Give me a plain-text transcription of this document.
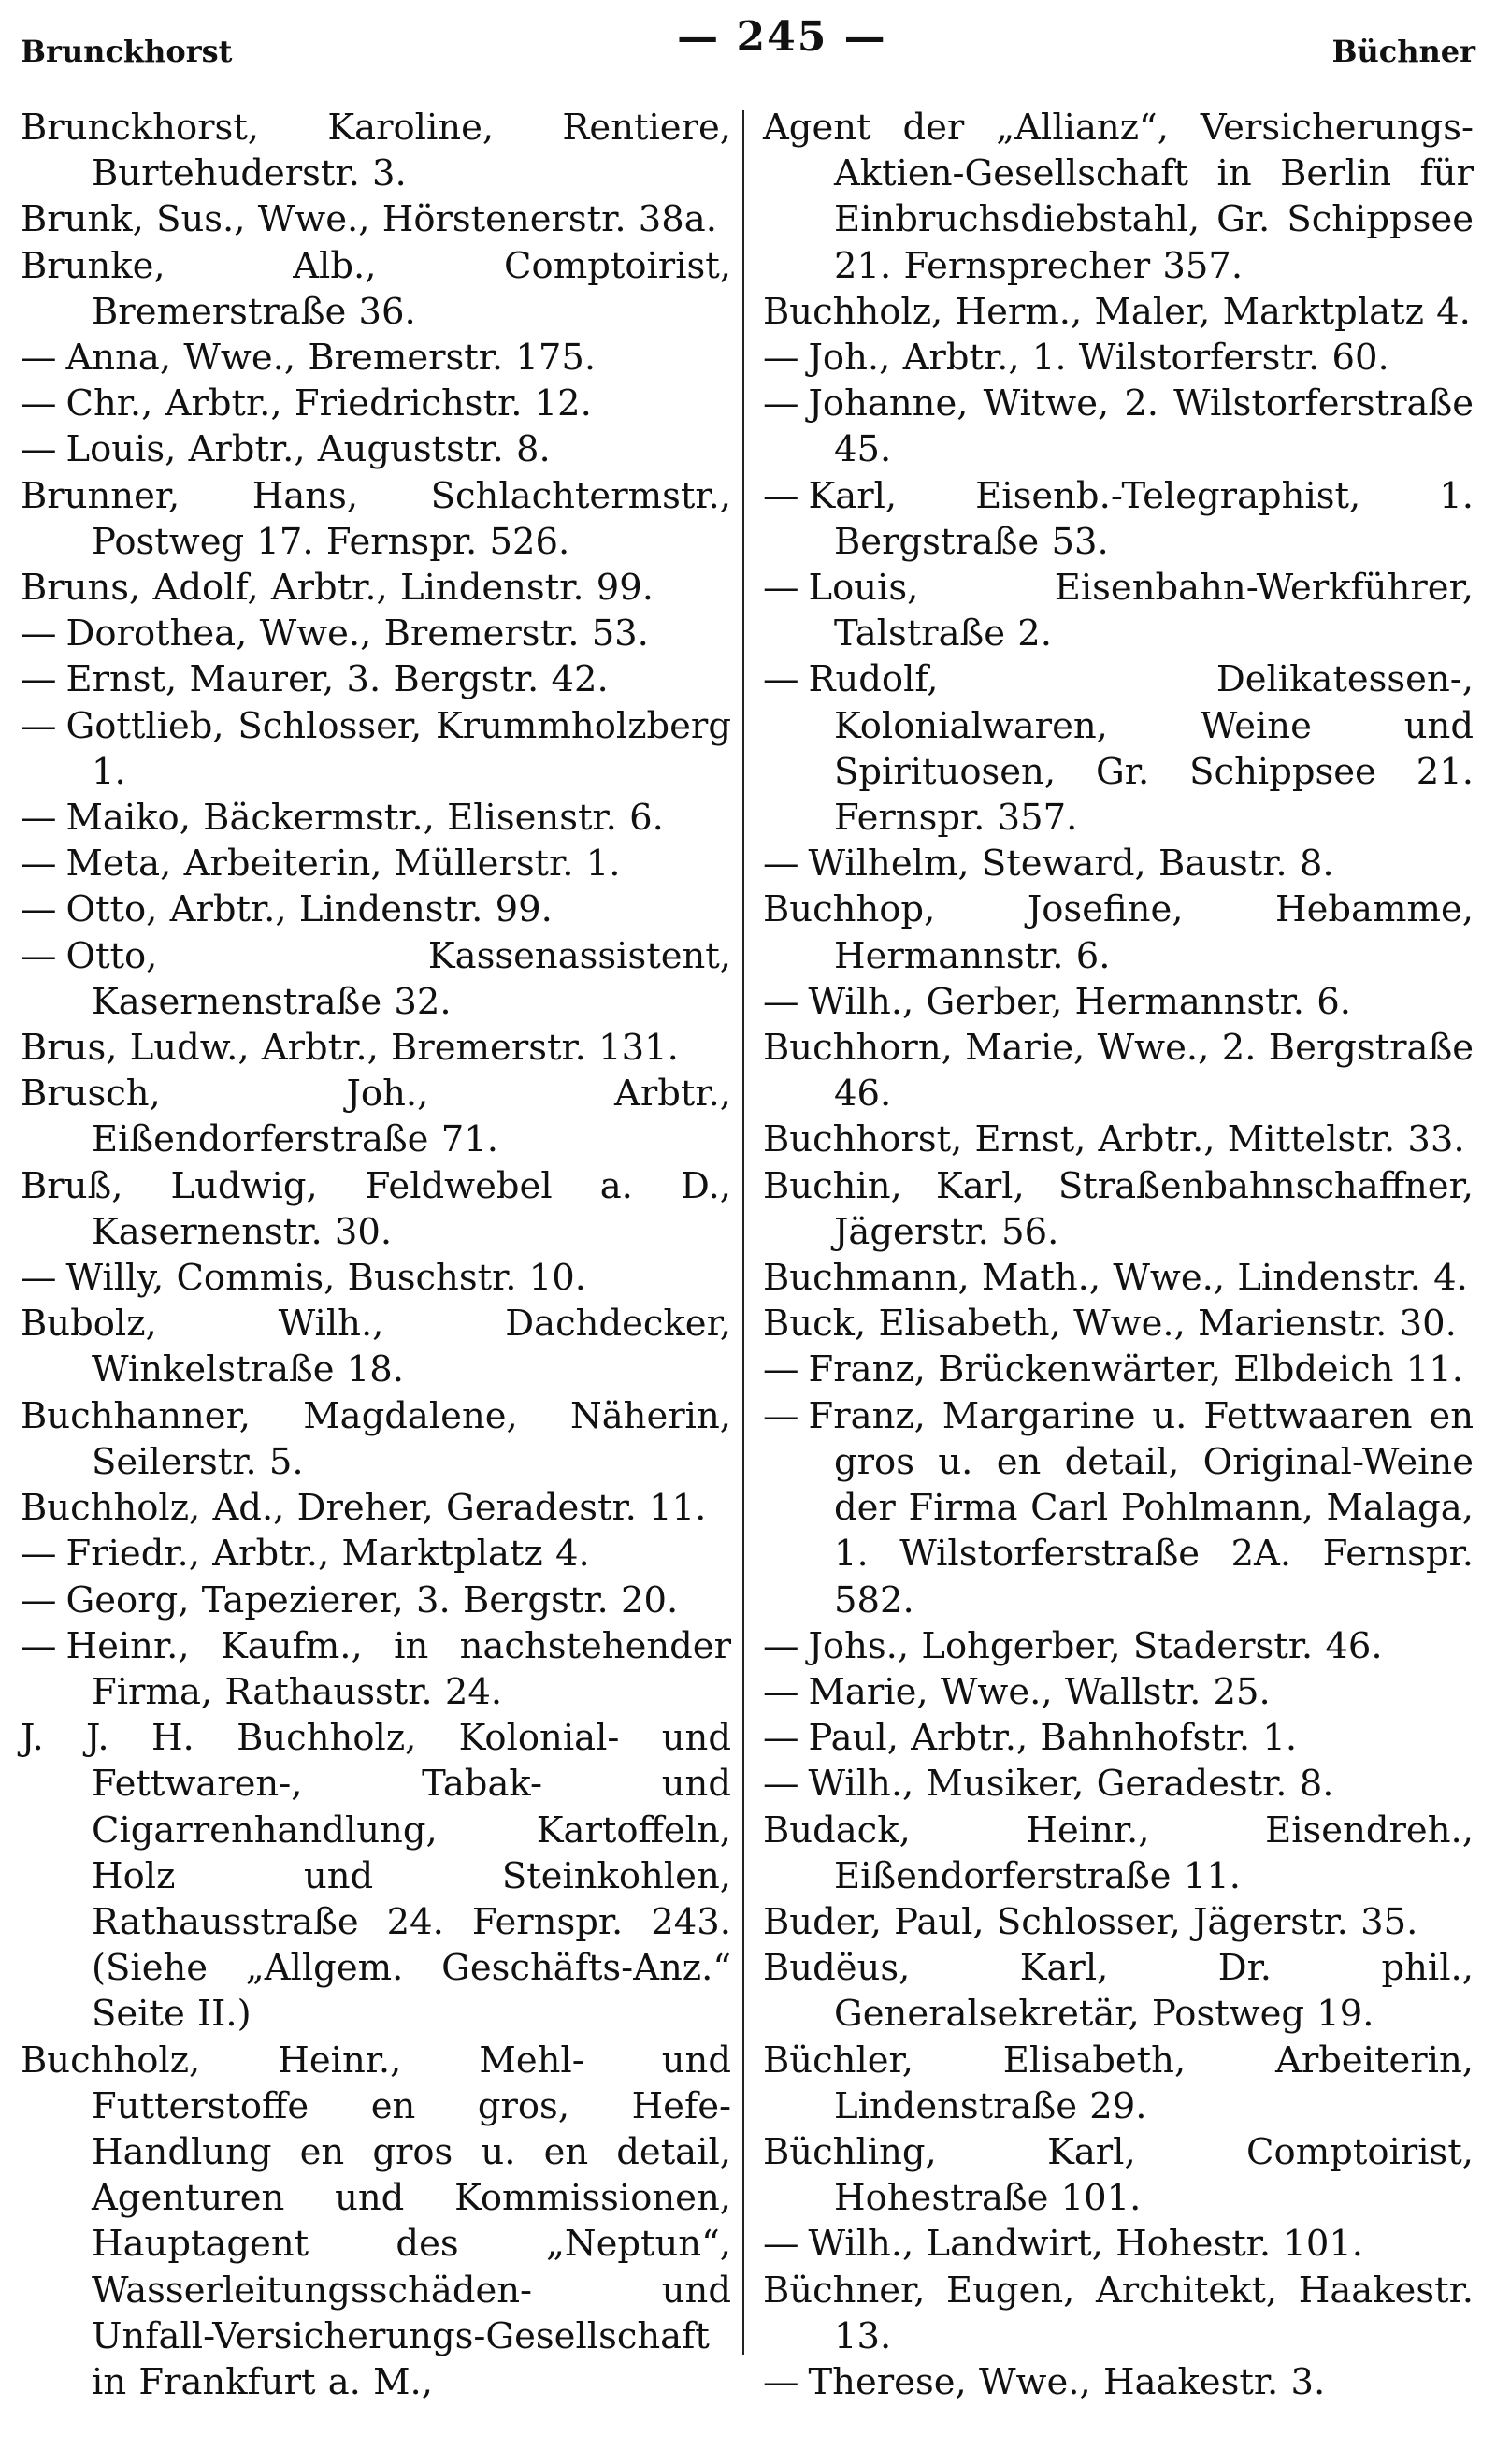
Brunckhorst	— 245 —	Büchner
Brunckhorst, Karoline, Rentiere, Burtehuderstr. 3.
Brunk, Sus., Wwe., Hörstenerstr. 38a.
Brunke, Alb., Comptoirist, Bremerstraße 36.
— Anna, Wwe., Bremerstr. 175.
— Chr., Arbtr., Friedrichstr. 12.
— Louis, Arbtr., Auguststr. 8.
Brunner, Hans, Schlachtermstr., Postweg 17. Fernspr. 526.
Bruns, Adolf, Arbtr., Lindenstr. 99.
— Dorothea, Wwe., Bremerstr. 53.
— Ernst, Maurer, 3. Bergstr. 42.
— Gottlieb, Schlosser, Krummholzberg 1.
— Maiko, Bäckermstr., Elisenstr. 6.
— Meta, Arbeiterin, Müllerstr. 1.
— Otto, Arbtr., Lindenstr. 99.
— Otto, Kassenassistent, Kasernenstraße 32.
Brus, Ludw., Arbtr., Bremerstr. 131.
Brusch, Joh., Arbtr., Eißendorferstraße 71.
Bruß, Ludwig, Feldwebel a. D., Kasernenstr. 30.
— Willy, Commis, Buschstr. 10.
Bubolz, Wilh., Dachdecker, Winkelstraße 18.
Buchhanner, Magdalene, Näherin, Seilerstr. 5.
Buchholz, Ad., Dreher, Geradestr. 11.
— Friedr., Arbtr., Marktplatz 4.
— Georg, Tapezierer, 3. Bergstr. 20.
— Heinr., Kaufm., in nachstehender Firma, Rathausstr. 24.
J. J. H. Buchholz, Kolonial- und Fettwaren-, Tabak- und Cigarrenhandlung, Kartoffeln, Holz und Steinkohlen, Rathausstraße 24. Fernspr. 243. (Siehe „Allgem. Geschäfts-Anz.“ Seite II.)
Buchholz, Heinr., Mehl- und Futterstoffe en gros, Hefe-Handlung en gros u. en detail, Agenturen und Kommissionen, Hauptagent des „Neptun“, Wasserleitungsschäden- und Unfall-Versicherungs-Gesellschaft in Frankfurt a. M.,
Agent der „Allianz“, Versicherungs-Aktien-Gesellschaft in Berlin für Einbruchsdiebstahl, Gr. Schippsee 21. Fernsprecher 357.
Buchholz, Herm., Maler, Marktplatz 4.
— Joh., Arbtr., 1. Wilstorferstr. 60.
— Johanne, Witwe, 2. Wilstorferstraße 45.
— Karl, Eisenb.-Telegraphist, 1. Bergstraße 53.
— Louis, Eisenbahn-Werkführer, Talstraße 2.
— Rudolf, Delikatessen-, Kolonialwaren, Weine und Spirituosen, Gr. Schippsee 21. Fernspr. 357.
— Wilhelm, Steward, Baustr. 8.
Buchhop, Josefine, Hebamme, Hermannstr. 6.
— Wilh., Gerber, Hermannstr. 6.
Buchhorn, Marie, Wwe., 2. Bergstraße 46.
Buchhorst, Ernst, Arbtr., Mittelstr. 33.
Buchin, Karl, Straßenbahnschaffner, Jägerstr. 56.
Buchmann, Math., Wwe., Lindenstr. 4.
Buck, Elisabeth, Wwe., Marienstr. 30.
— Franz, Brückenwärter, Elbdeich 11.
— Franz, Margarine u. Fettwaaren en gros u. en detail, Original-Weine der Firma Carl Pohlmann, Malaga, 1. Wilstorferstraße 2A. Fernspr. 582.
— Johs., Lohgerber, Staderstr. 46.
— Marie, Wwe., Wallstr. 25.
— Paul, Arbtr., Bahnhofstr. 1.
— Wilh., Musiker, Geradestr. 8.
Budack, Heinr., Eisendreh., Eißendorferstraße 11.
Buder, Paul, Schlosser, Jägerstr. 35.
Budëus, Karl, Dr. phil., Generalsekretär, Postweg 19.
Büchler, Elisabeth, Arbeiterin, Lindenstraße 29.
Büchling, Karl, Comptoirist, Hohestraße 101.
— Wilh., Landwirt, Hohestr. 101.
Büchner, Eugen, Architekt, Haakestr. 13.
— Therese, Wwe., Haakestr. 3.
